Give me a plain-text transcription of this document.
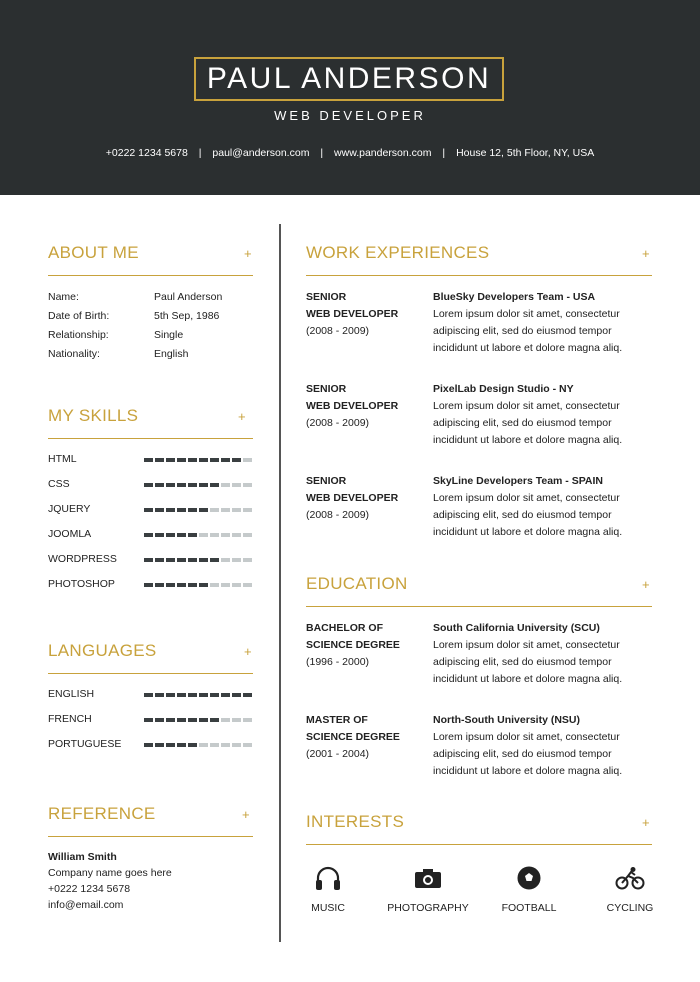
PAUL ANDERSON
WEB DEVELOPER
+0222 1234 5678 | paul@anderson.com | www.panderson.com | House 12, 5th Floor, NY, USA
ABOUT ME	+
Name:	Paul Anderson
Date of Birth:	5th Sep, 1986
Relationship:	Single
Nationality:	English
MY SKILLS	+
HTML
CSS
JQUERY
JOOMLA
WORDPRESS
PHOTOSHOP
LANGUAGES	+
ENGLISH
FRENCH
PORTUGUESE
REFERENCE	+
William Smith
Company name goes here
+0222 1234 5678
info@email.com
WORK EXPERIENCES	+
SENIOR
WEB DEVELOPER
(2008 - 2009)
BlueSky Developers Team - USA
Lorem ipsum dolor sit amet, consectetur
adipiscing elit, sed do eiusmod tempor
incididunt ut labore et dolore magna aliq.
SENIOR
WEB DEVELOPER
(2008 - 2009)
PixelLab Design Studio - NY
Lorem ipsum dolor sit amet, consectetur
adipiscing elit, sed do eiusmod tempor
incididunt ut labore et dolore magna aliq.
SENIOR
WEB DEVELOPER
(2008 - 2009)
SkyLine Developers Team - SPAIN
Lorem ipsum dolor sit amet, consectetur
adipiscing elit, sed do eiusmod tempor
incididunt ut labore et dolore magna aliq.
EDUCATION	+
BACHELOR OF
SCIENCE DEGREE
(1996 - 2000)
South California University (SCU)
Lorem ipsum dolor sit amet, consectetur
adipiscing elit, sed do eiusmod tempor
incididunt ut labore et dolore magna aliq.
MASTER OF
SCIENCE DEGREE
(2001 - 2004)
North-South University (NSU)
Lorem ipsum dolor sit amet, consectetur
adipiscing elit, sed do eiusmod tempor
incididunt ut labore et dolore magna aliq.
INTERESTS	+
MUSIC	PHOTOGRAPHY	FOOTBALL	CYCLING
